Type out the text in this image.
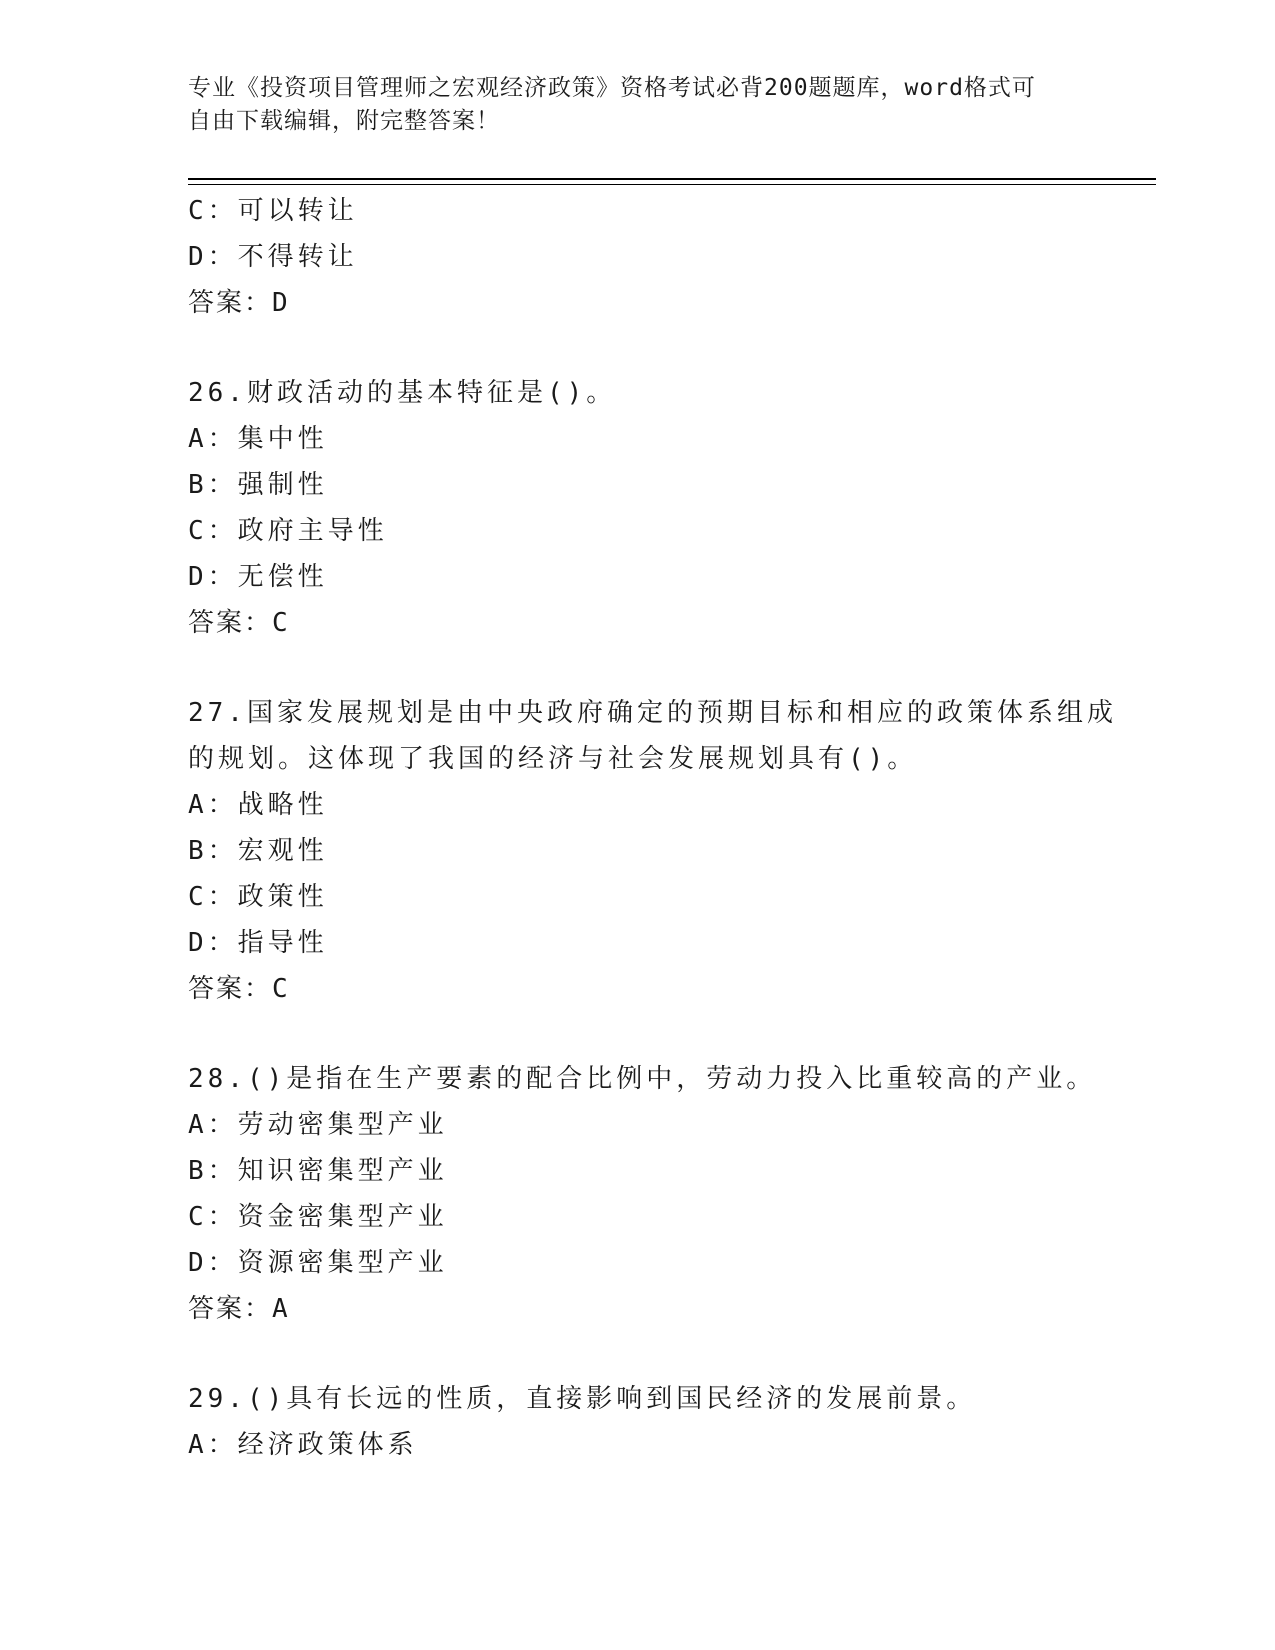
专业《投资项目管理师之宏观经济政策》资格考试必背200题题库，word格式可
自由下载编辑，附完整答案！
C：可以转让
D：不得转让
答案：D
26.财政活动的基本特征是()。
A：集中性
B：强制性
C：政府主导性
D：无偿性
答案：C
27.国家发展规划是由中央政府确定的预期目标和相应的政策体系组成
的规划。这体现了我国的经济与社会发展规划具有()。
A：战略性
B：宏观性
C：政策性
D：指导性
答案：C
28.()是指在生产要素的配合比例中，劳动力投入比重较高的产业。
A：劳动密集型产业
B：知识密集型产业
C：资金密集型产业
D：资源密集型产业
答案：A
29.()具有长远的性质，直接影响到国民经济的发展前景。
A：经济政策体系
